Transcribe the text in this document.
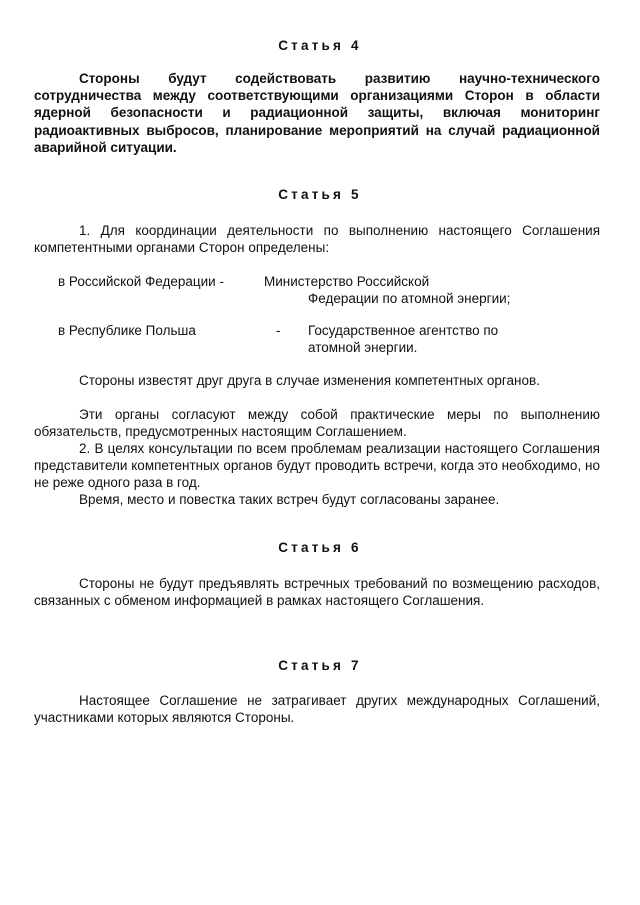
Статья 4
Стороны будут содействовать развитию научно-технического сотрудничества между соответствующими организациями Сторон в области ядерной безопасности и радиационной защиты, включая мониторинг радиоактивных выбросов, планирование мероприятий на случай радиационной аварийной ситуации.
Статья 5
1. Для координации деятельности по выполнению настоящего Соглашения компетентными органами Сторон определены:
в Российской Федерации -	Министерство Российской
Федерации по атомной энергии;
в Республике Польша	- Государственное агентство по
атомной энергии.
Стороны известят друг друга в случае изменения компетентных органов.
Эти органы согласуют между собой практические меры по выполнению обязательств, предусмотренных настоящим Соглашением.
2. В целях консультации по всем проблемам реализации настоящего Соглашения представители компетентных органов будут проводить встречи, когда это необходимо, но не реже одного раза в год.
Время, место и повестка таких встреч будут согласованы заранее.
Статья 6
Стороны не будут предъявлять встречных требований по возмещению расходов, связанных с обменом информацией в рамках настоящего Соглашения.
Статья 7
Настоящее Соглашение не затрагивает других международных Соглашений, участниками которых являются Стороны.
